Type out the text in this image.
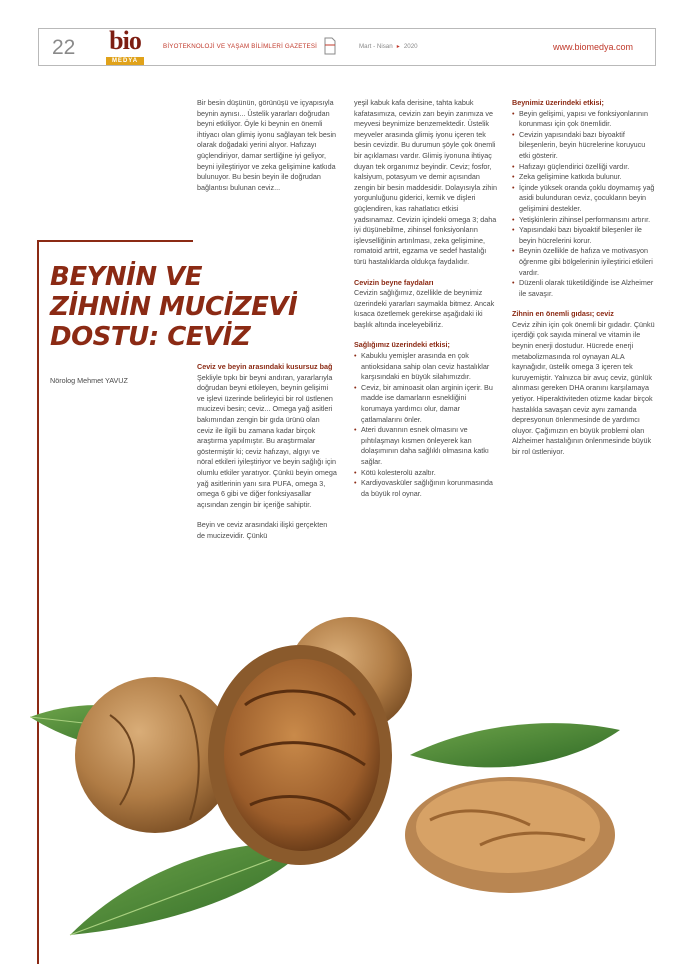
22 bio
MEDYA
BİYOTEKNOLOJİ VE YAŞAM BİLİMLERİ GAZETESİ	Mart - Nisan ▸ 2020	www.biomedya.com
BEYNİN VE ZİHNİN MUCİZEVİ DOSTU: CEVİZ
Nörolog Mehmet YAVUZ

Bir besin düşünün, görünüşü ve içyapısıyla beynin aynısı... Üstelik yararları doğrudan beyni etkiliyor. Öyle ki beynin en önemli ihtiyacı olan glimiş iyonu sağlayan tek besin olarak doğadaki yerini alıyor. Hafızayı güçlendiriyor, damar sertliğine iyi geliyor, beyni iyileştiriyor ve zeka gelişimine katkıda bulunuyor. Bu besin beyin ile doğrudan bağlantısı bulunan ceviz...

Ceviz ve beyin arasındaki kusursuz bağ

Şekliyle tıpkı bir beyni andıran, yararlarıyla doğrudan beyni etkileyen, beynin gelişimi ve işlevi üzerinde belirleyici bir rol üstlenen mucizevi besin; ceviz... Omega yağ asitleri bakımından zengin bir gıda ürünü olan ceviz ile ilgili bu zamana kadar birçok araştırma yapılmıştır. Bu araştırmalar göstermiştir ki; ceviz hafızayı, algıyı ve nöral etkileri iyileştiriyor ve beyin sağlığı için olumlu etkiler yaratıyor. Çünkü beyin omega yağ asitlerinin yanı sıra PUFA, omega 3, omega 6 gibi ve diğer fonksiyasallar açısından zengin bir içeriğe sahiptir.

Beyin ve ceviz arasındaki ilişki gerçekten de mucizevidir. Çünkü

yeşil kabuk kafa derisine, tahta kabuk kafatasımıza, cevizin zarı beyin zarımıza ve meyvesi beynimize benzemektedir. Üstelik meyveler arasında glimiş iyonu içeren tek besin cevizdir. Bu durumun şöyle çok önemli bir açıklaması vardır. Glimiş iyonuna ihtiyaç duyan tek organımız beyindir. Ceviz; fosfor, kalsiyum, potasyum ve demir açısından zengin bir besin maddesidir. Dolayısıyla zihin yorgunluğunu giderici, kemik ve dişleri güçlendiren, kas rahatlatıcı etkisi yadsınamaz. Cevizin içindeki omega 3; daha iyi düşünebilme, zihinsel fonksiyonların işlevselliğinin artırılması, zeka gelişimine, romatoid artrit, egzama ve sedef hastalığı türü hastalıklarda oldukça faydalıdır.

Cevizin beyne faydaları

Cevizin sağlığımız, özellikle de beynimiz üzerindeki yararları saymakla bitmez. Ancak kısaca özetlemek gerekirse aşağıdaki iki başlık altında inceleyebiliriz.

Sağlığımız üzerindeki etkisi;

• Kabuklu yemişler arasında en çok antioksidana sahip olan ceviz hastalıklar karşısındaki en büyük silahımızdır.
• Ceviz, bir aminoasit olan arginin içerir. Bu madde ise damarların esnekliğini korumaya yardımcı olur, damar çatlamalarını önler.
• Ateri duvarının esnek olmasını ve pıhtılaşmayı kısmen önleyerek kan dolaşımının daha sağlıklı olmasına katkı sağlar.
• Kötü kolesterolü azaltır.
• Kardiyovasküler sağlığının korunmasında da büyük rol oynar.

Beynimiz üzerindeki etkisi;

• Beyin gelişimi, yapısı ve fonksiyonlarının korunması için çok önemlidir.
• Cevizin yapısındaki bazı biyoaktif bileşenlerin, beyin hücrelerine koruyucu etki gösterir.
• Hafızayı güçlendirici özelliği vardır.
• Zeka gelişimine katkıda bulunur.
• İçinde yüksek oranda çoklu doymamış yağ asidi bulunduran ceviz, çocukların beyin gelişimini destekler.
• Yetişkinlerin zihinsel performansını artırır.
• Yapısındaki bazı biyoaktif bileşenler ile beyin hücrelerini korur.
• Beynin özellikle de hafıza ve motivasyon öğrenme gibi bölgelerinin iyileştirici etkileri vardır.
• Düzenli olarak tüketildiğinde ise Alzheimer ile savaşır.

Zihnin en önemli gıdası; ceviz

Ceviz zihin için çok önemli bir gıdadır. Çünkü içerdiği çok sayıda mineral ve vitamin ile beynin enerji dostudur. Hücrede enerji metabolizmasında rol oynayan ALA kaynağıdır, üstelik omega 3 içeren tek kuruyemiştir. Yalnızca bir avuç ceviz, günlük alınması gereken DHA oranını karşılamaya yetiyor. Hiperaktiviteden otizme kadar birçok hastalıkla savaşan ceviz aynı zamanda depresyonun önlenmesinde de yardımcı oluyor. Çağımızın en büyük problemi olan Alzheimer hastalığının önlenmesinde büyük bir rol üstleniyor.
